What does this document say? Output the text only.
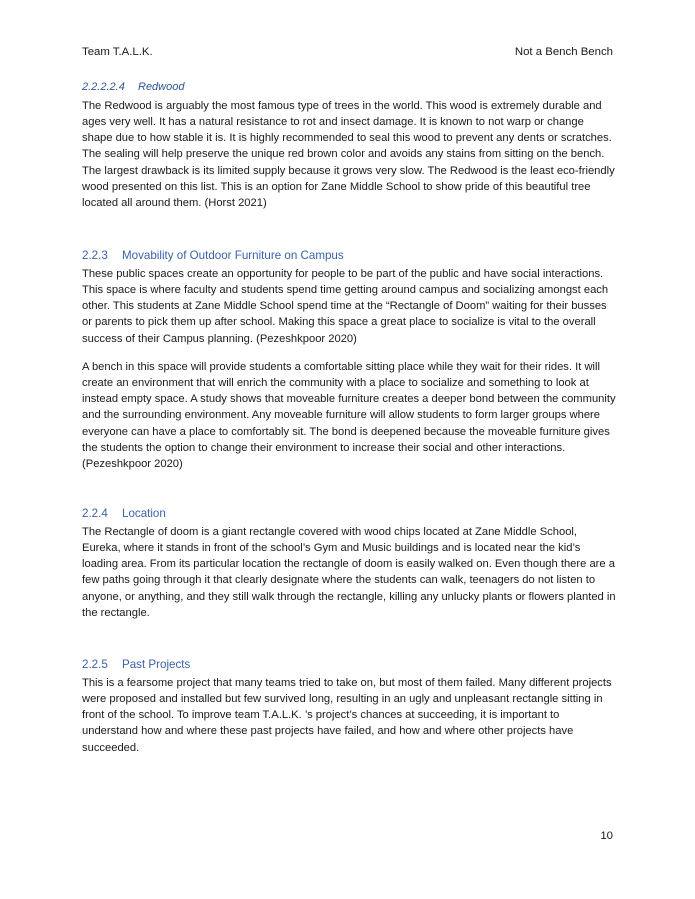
Team T.A.L.K.	Not a Bench Bench
2.2.2.2.4 Redwood

The Redwood is arguably the most famous type of trees in the world. This wood is extremely durable and ages very well. It has a natural resistance to rot and insect damage. It is known to not warp or change shape due to how stable it is. It is highly recommended to seal this wood to prevent any dents or scratches. The sealing will help preserve the unique red brown color and avoids any stains from sitting on the bench. The largest drawback is its limited supply because it grows very slow. The Redwood is the least eco-friendly wood presented on this list. This is an option for Zane Middle School to show pride of this beautiful tree located all around them. (Horst 2021)

2.2.3 Movability of Outdoor Furniture on Campus

These public spaces create an opportunity for people to be part of the public and have social interactions. This space is where faculty and students spend time getting around campus and socializing amongst each other. This students at Zane Middle School spend time at the “Rectangle of Doom” waiting for their busses or parents to pick them up after school. Making this space a great place to socialize is vital to the overall success of their Campus planning. (Pezeshkpoor 2020)

A bench in this space will provide students a comfortable sitting place while they wait for their rides. It will create an environment that will enrich the community with a place to socialize and something to look at instead empty space. A study shows that moveable furniture creates a deeper bond between the community and the surrounding environment. Any moveable furniture will allow students to form larger groups where everyone can have a place to comfortably sit. The bond is deepened because the moveable furniture gives the students the option to change their environment to increase their social and other interactions. (Pezeshkpoor 2020)

2.2.4 Location

The Rectangle of doom is a giant rectangle covered with wood chips located at Zane Middle School, Eureka, where it stands in front of the school’s Gym and Music buildings and is located near the kid’s loading area. From its particular location the rectangle of doom is easily walked on. Even though there are a few paths going through it that clearly designate where the students can walk, teenagers do not listen to anyone, or anything, and they still walk through the rectangle, killing any unlucky plants or flowers planted in the rectangle.

2.2.5 Past Projects

This is a fearsome project that many teams tried to take on, but most of them failed. Many different projects were proposed and installed but few survived long, resulting in an ugly and unpleasant rectangle sitting in front of the school. To improve team T.A.L.K. ’s project’s chances at succeeding, it is important to understand how and where these past projects have failed, and how and where other projects have succeeded.

10
